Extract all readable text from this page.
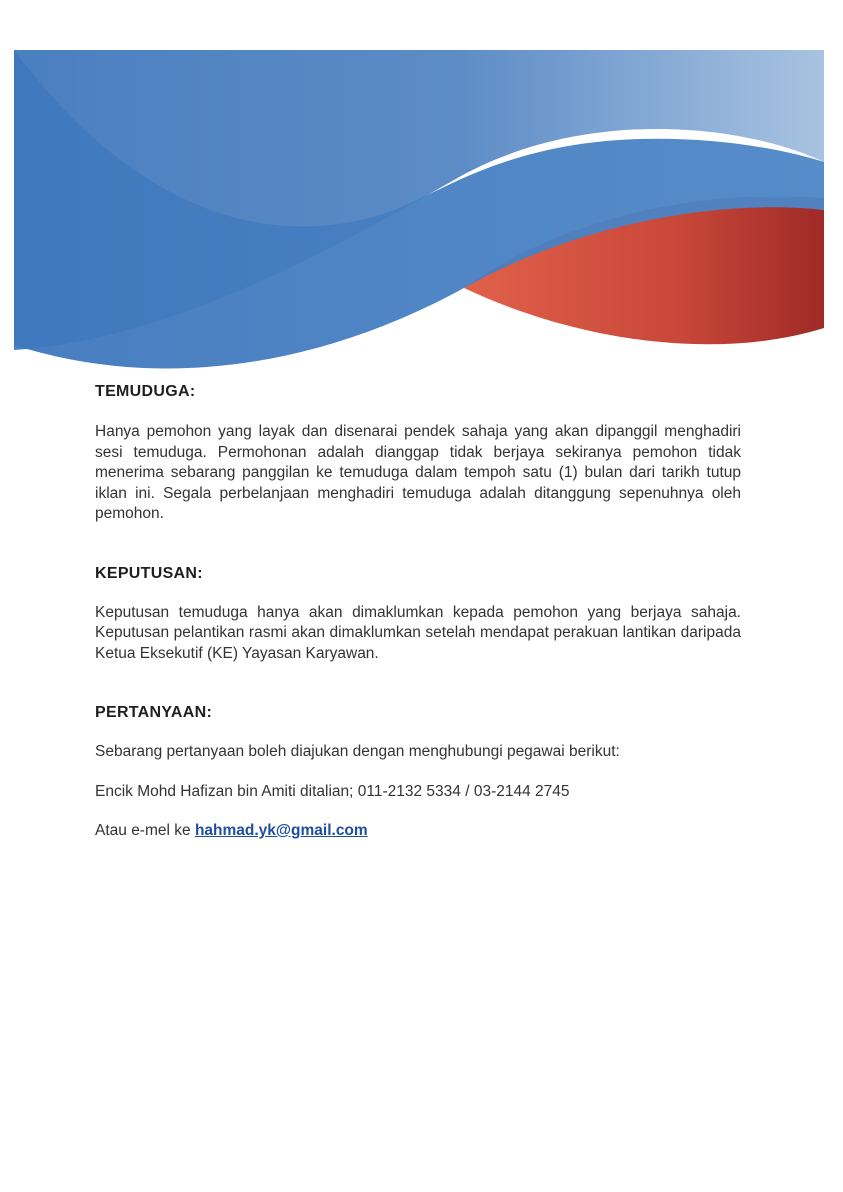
TEMUDUGA:

Hanya pemohon yang layak dan disenarai pendek sahaja yang akan dipanggil menghadiri sesi temuduga. Permohonan adalah dianggap tidak berjaya sekiranya pemohon tidak menerima sebarang panggilan ke temuduga dalam tempoh satu (1) bulan dari tarikh tutup iklan ini. Segala perbelanjaan menghadiri temuduga adalah ditanggung sepenuhnya oleh pemohon.

KEPUTUSAN:

Keputusan temuduga hanya akan dimaklumkan kepada pemohon yang berjaya sahaja. Keputusan pelantikan rasmi akan dimaklumkan setelah mendapat perakuan lantikan daripada Ketua Eksekutif (KE) Yayasan Karyawan.

PERTANYAAN:

Sebarang pertanyaan boleh diajukan dengan menghubungi pegawai berikut:

Encik Mohd Hafizan bin Amiti ditalian; 011-2132 5334 / 03-2144 2745

Atau e-mel ke hahmad.yk@gmail.com
